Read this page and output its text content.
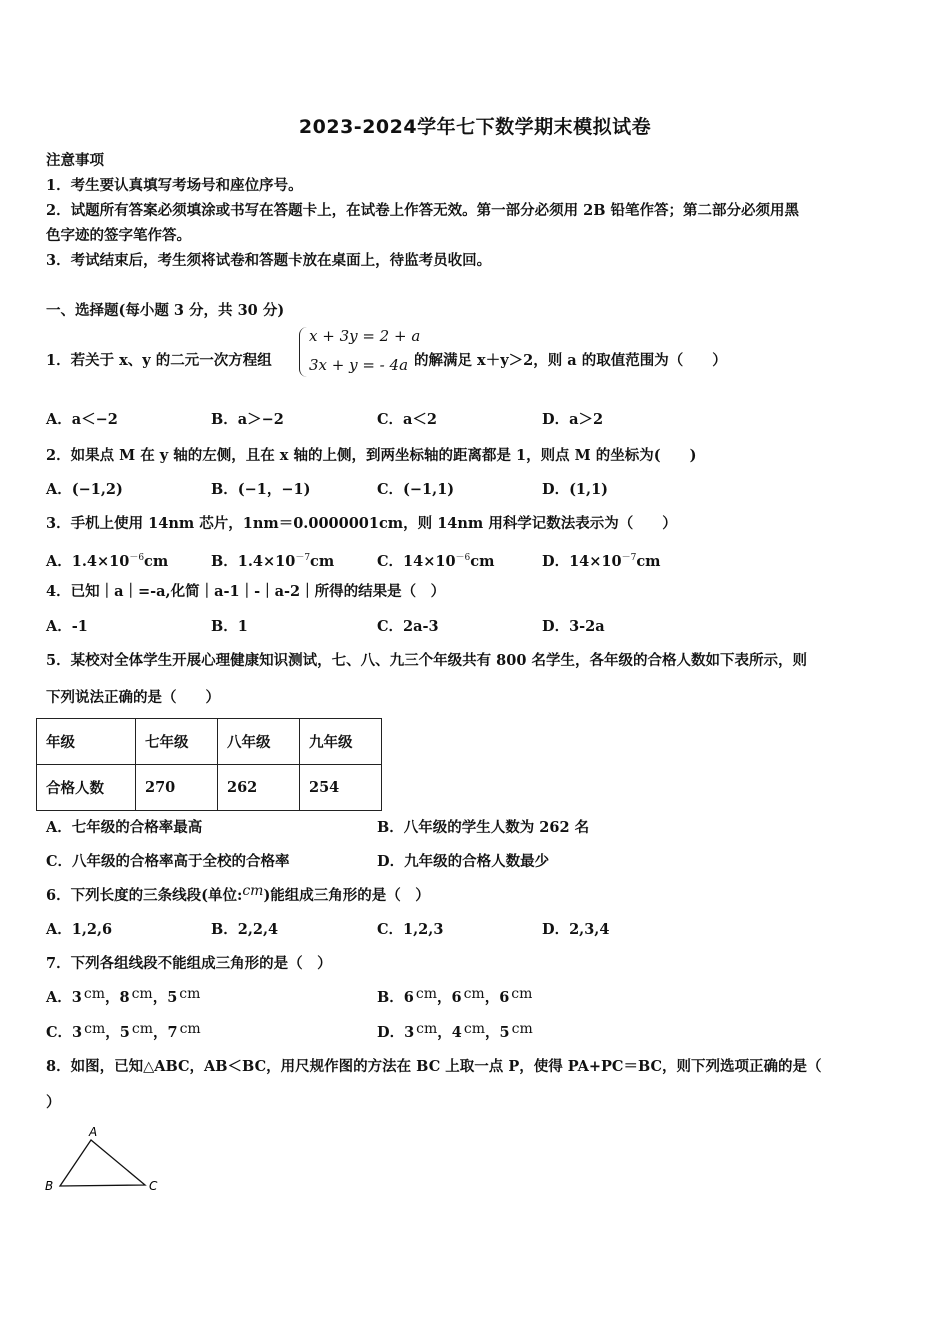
2023-2024学年七下数学期末模拟试卷
注意事项
1．考生要认真填写考场号和座位序号。
2．试题所有答案必须填涂或书写在答题卡上，在试卷上作答无效。第一部分必须用 2B 铅笔作答；第二部分必须用黑
色字迹的签字笔作答。
3．考试结束后，考生须将试卷和答题卡放在桌面上，待监考员收回。
一、选择题(每小题 3 分，共 30 分)
1．若关于 x、y 的二元一次方程组
x + 3y = 2 + a
3x + y = - 4a 的解满足 x＋y＞2，则 a 的取值范围为（　　）
A．a＜−2	B．a＞−2	C．a＜2	D．a＞2
2．如果点 M 在 y 轴的左侧，且在 x 轴的上侧，到两坐标轴的距离都是 1，则点 M 的坐标为(　　)
A．(−1,2)	B．(−1，−1)	C．(−1,1)	D．(1,1)
3．手机上使用 14nm 芯片，1nm＝0.0000001cm，则 14nm 用科学记数法表示为（　　）
A．$1.4\times 10^{-6}cm$	B．$1.4\times 10^{-7}cm$	C．$14\times 10^{-6}cm$	D．$14\times 10^{-7}cm$
4．已知｜a｜=-a,化简｜a-1｜-｜a-2｜所得的结果是（　）
A．-1	B．1	C．2a-3	D．3-2a
5．某校对全体学生开展心理健康知识测试，七、八、九三个年级共有 800 名学生，各年级的合格人数如下表所示，则
下列说法正确的是（　　）
年级	七年级	八年级	九年级
合格人数	270	262	254
A．七年级的合格率最高	B．八年级的学生人数为 262 名
C．八年级的合格率高于全校的合格率	D．九年级的合格人数最少
6．下列长度的三条线段(单位:cm)能组成三角形的是（　）
A．1,2,6	B．2,2,4	C．1,2,3	D．2,3,4
7．下列各组线段不能组成三角形的是（　）
A．3 cm，8 cm，5 cm	B．6 cm，6 cm，6 cm
C．3 cm，5 cm，7 cm	D．3 cm，4 cm，5 cm
8．如图，已知△ABC，AB＜BC，用尺规作图的方法在 BC 上取一点 P，使得 PA+PC＝BC，则下列选项正确的是（
）
A
B	C
